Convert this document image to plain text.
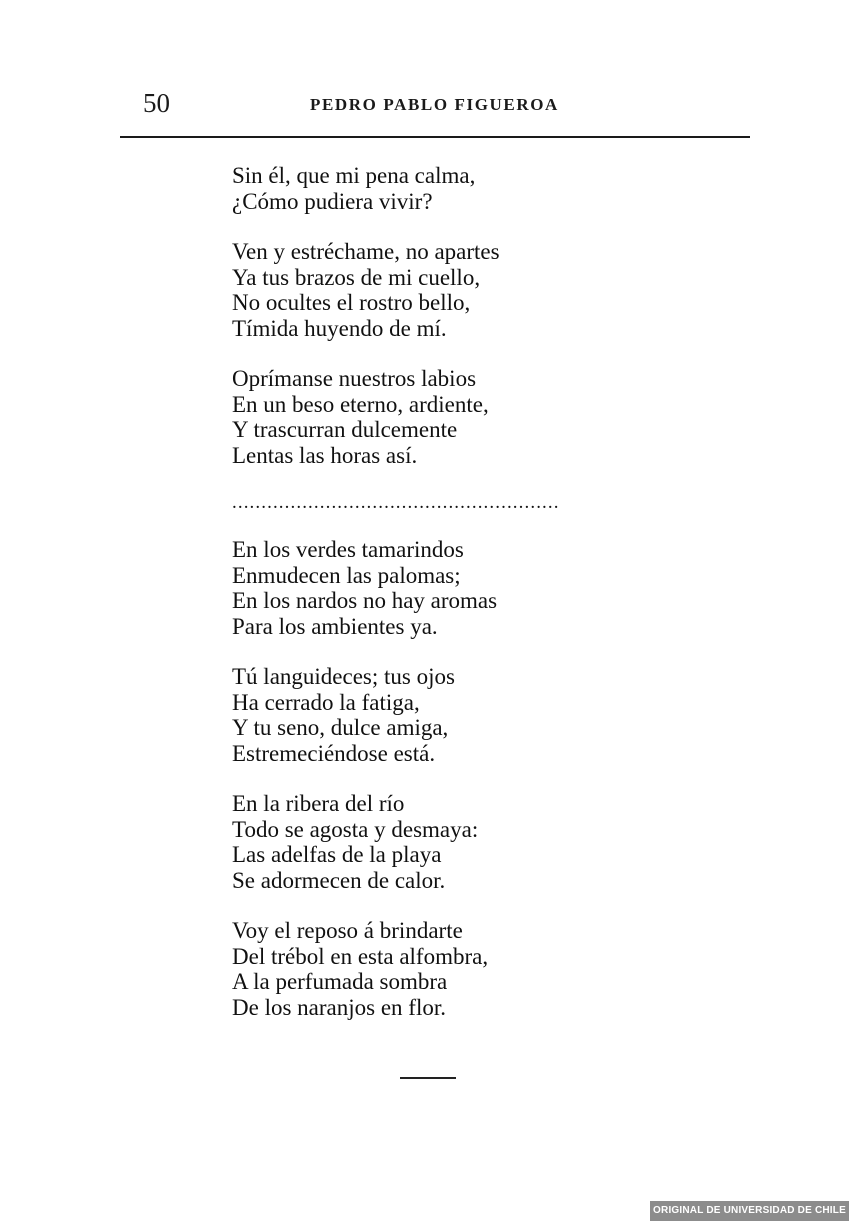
50	PEDRO PABLO FIGUEROA
Sin él, que mi pena calma,
¿Cómo pudiera vivir?
Ven y estréchame, no apartes
Ya tus brazos de mi cuello,
No ocultes el rostro bello,
Tímida huyendo de mí.
Oprímanse nuestros labios
En un beso eterno, ardiente,
Y trascurran dulcemente
Lentas las horas así.
........................................................
En los verdes tamarindos
Enmudecen las palomas;
En los nardos no hay aromas
Para los ambientes ya.
Tú languideces; tus ojos
Ha cerrado la fatiga,
Y tu seno, dulce amiga,
Estremeciéndose está.
En la ribera del río
Todo se agosta y desmaya:
Las adelfas de la playa
Se adormecen de calor.
Voy el reposo á brindarte
Del trébol en esta alfombra,
A la perfumada sombra
De los naranjos en flor.
ORIGINAL DE UNIVERSIDAD DE CHILE
